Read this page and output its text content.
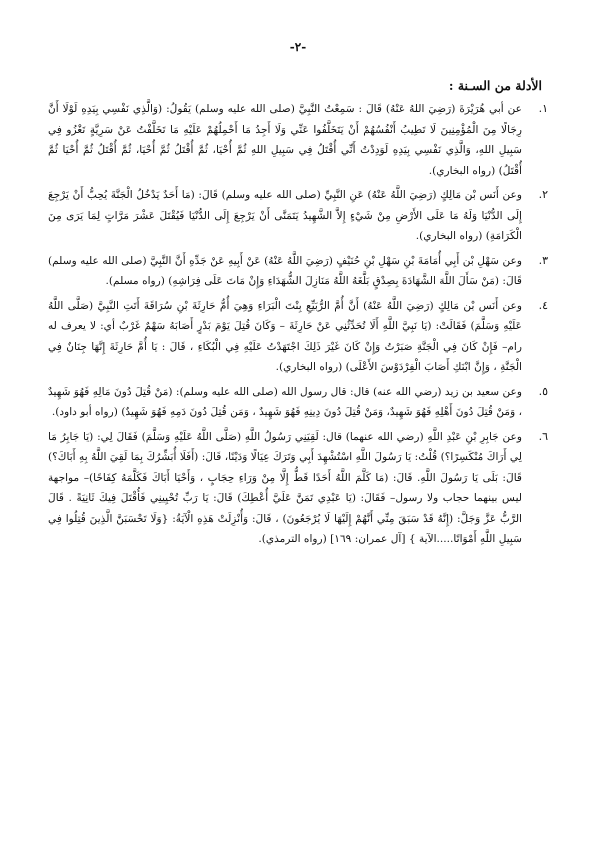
-٢-
الأدلة من السـنة :
١.
عن أبي هُرَيْرَةَ (رَضِيَ اللهُ عَنْهُ) قَالَ : سَمِعْتُ النَّبِيَّ (صلى الله عليه وسلم) يَقُولُ: (وَالَّذِي نَفْسِي بِيَدِهِ لَوْلَا أَنَّ رِجَالًا مِنَ الْمُؤْمِنِينَ لَا تَطِيبُ أَنْفُسُهُمْ أَنْ يَتَخَلَّفُوا عَنِّي وَلَا أَجِدُ مَا أَحْمِلُهُمْ عَلَيْهِ مَا تَخَلَّفْتُ عَنْ سَرِيَّةٍ تَغْزُو فِي سَبِيلِ اللهِ، وَالَّذِي نَفْسِي بِيَدِهِ لَوَدِدْتُ أَنِّي أُقْتَلُ فِي سَبِيلِ اللهِ ثُمَّ أُحْيَا، ثُمَّ أُقْتَلُ ثُمَّ أُحْيَا، ثُمَّ أُقْتَلُ ثُمَّ أُحْيَا ثُمَّ أُقْتَلُ) (رواه البخاري).
٢.
وعن أَنَس بْن مَالِكٍ (رَضِيَ اللَّهُ عَنْهُ) عَنِ النَّبِيِّ (صلى الله عليه وسلم) قَالَ: (مَا أَحَدٌ يَدْخُلُ الْجَنَّةَ يُحِبُّ أَنْ يَرْجِعَ إِلَى الدُّنْيَا وَلَهُ مَا عَلَى الأَرْضِ مِنْ شَيْءٍ إِلاَّ الشَّهِيدُ يَتَمَنَّى أَنْ يَرْجِعَ إِلَى الدُّنْيَا فَيُقْتَلَ عَشْرَ مَرَّاتٍ لِمَا يَرَى مِنَ الْكَرَامَةِ) (رواه البخاري).
٣.
وعن سَهْلِ بْن أَبِي أُمَامَةَ بْنِ سَهْلِ بْنِ حُنَيْفٍ (رَضِيَ اللَّهُ عَنْهُ) عَنْ أَبِيهِ عَنْ جَدِّهِ أَنَّ النَّبِيَّ (صلى الله عليه وسلم) قَالَ: (مَنْ سَأَلَ اللَّهَ الشَّهَادَةَ بِصِدْقٍ بَلَّغَهُ اللَّهُ مَنَازِلَ الشُّهَدَاءِ وَإِنْ مَاتَ عَلَى فِرَاشِهِ) (رواه مسلم).
٤.
وعن أَنَس بْن مَالِكٍ (رَضِيَ اللَّهُ عَنْهُ) أَنَّ أُمَّ الرُّبَيِّعِ بِنْتَ الْبَرَاءِ وَهِيَ أُمُّ حَارِثَةَ بْنِ سُرَاقَةَ أَتَتِ النَّبِيَّ (صَلَّى اللَّهُ عَلَيْهِ وَسَلَّمَ) فَقَالَتْ: (يَا نَبِيَّ اللَّهِ أَلَا تُحَدِّثُنِي عَنْ حَارِثَةَ – وَكَانَ قُتِلَ يَوْمَ بَدْرٍ أَصَابَهُ سَهْمٌ غَرْبٌ أي: لا يعرف له رام– فَإِنْ كَانَ فِي الْجَنَّةِ صَبَرْتُ وَإِنْ كَانَ غَيْرَ ذَلِكَ اجْتَهَدْتُ عَلَيْهِ فِي الْبُكَاءِ ، قَالَ : يَا أُمَّ حَارِثَةَ إِنَّهَا جِنَانٌ فِي الْجَنَّةِ ، وَإِنَّ ابْنَكِ أَصَابَ الْفِرْدَوْسَ الأَعْلَى) (رواه البخاري).
٥.
وعن سعيد بن زيد (رضي الله عنه) قال: قال رسول الله (صلى الله عليه وسلم): (مَنْ قُتِلَ دُونَ مَالِهِ فَهُوَ شَهِيدٌ ، وَمَنْ قُتِلَ دُونَ أَهْلِهِ فَهُوَ شَهِيدٌ، وَمَنْ قُتِلَ دُونَ دِينِهِ فَهُوَ شَهِيدٌ ، وَمَن قُتِلَ دُونَ دَمِهِ فَهُوَ شَهِيدٌ) (رواه أبو داود).
٦.
وعن جَابِرِ بْنِ عَبْدِ اللَّهِ (رضي الله عنهما) قال: لَقِيَنِي رَسُولُ اللَّهِ (صَلَّى اللَّهُ عَلَيْهِ وَسَلَّمَ) فَقَالَ لِي: (يَا جَابِرُ مَا لِي أَرَاكَ مُنْكَسِرًا؟) قُلْتُ: يَا رَسُولَ اللَّهِ اسْتُشْهِدَ أَبِي وَتَرَكَ عِيَالًا وَدَيْنًا، قَالَ: (أَفَلَا أُبَشِّرُكَ بِمَا لَقِيَ اللَّهُ بِهِ أَبَاكَ؟) قَالَ: بَلَى يَا رَسُولَ اللَّهِ. قَالَ: (مَا كَلَّمَ اللَّهُ أَحَدًا قَطُّ إِلَّا مِنْ وَرَاءِ حِجَابٍ ، وَأَحْيَا أَبَاكَ فَكَلَّمَهُ كِفَاحًا)– مواجهة ليس بينهما حجاب ولا رسول– فَقَالَ: (يَا عَبْدِي تَمَنَّ عَلَيَّ أُعْطِكَ) قَالَ: يَا رَبِّ تُحْيِينِي فَأُقْتَلَ فِيكَ ثَانِيَةً . قَالَ الرَّبُّ عَزَّ وَجَلَّ: (إِنَّهُ قَدْ سَبَقَ مِنِّي أَنَّهُمْ إِلَيْهَا لَا يُرْجَعُونَ) ، قَالَ: وَأُنْزِلَتْ هَذِهِ الْآيَةُ: {وَلَا تَحْسَبَنَّ الَّذِينَ قُتِلُوا فِي سَبِيلِ اللَّهِ أَمْوَاتًا.....الآية } [آل عمران: ١٦٩] (رواه الترمذي).
